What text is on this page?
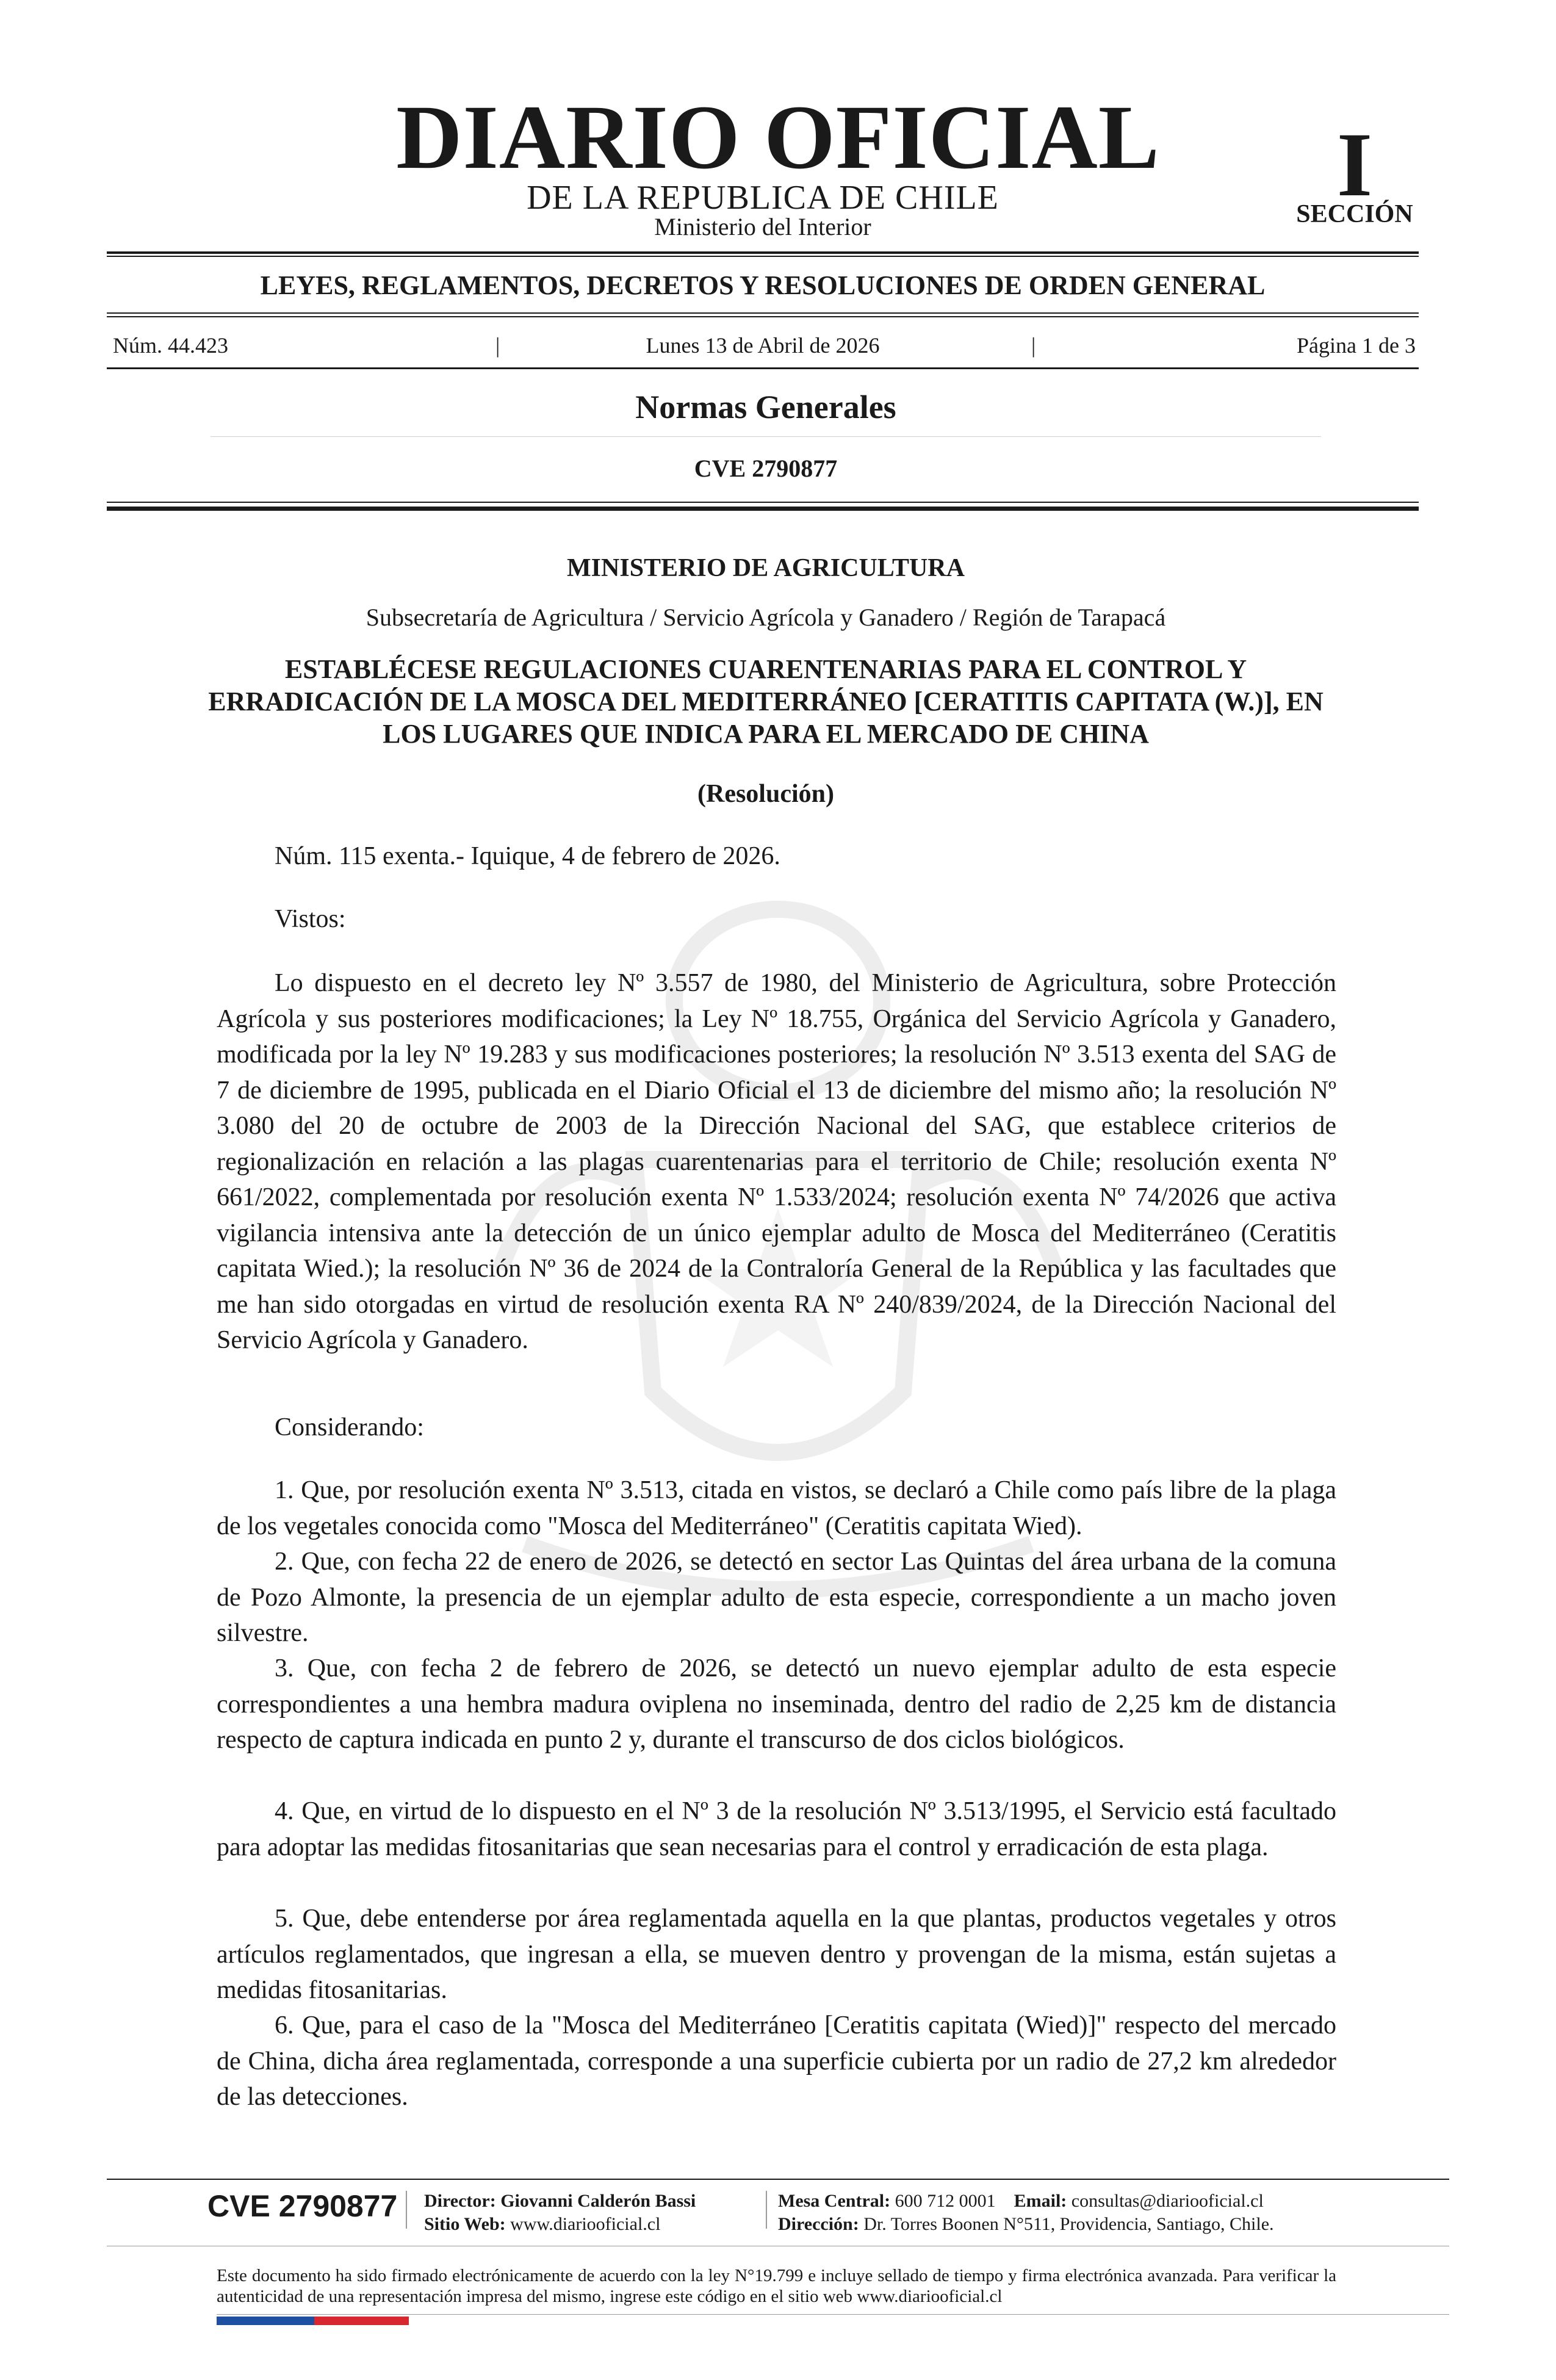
DIARIO OFICIAL
DE LA REPUBLICA DE CHILE
Ministerio del Interior
I
SECCIÓN
LEYES, REGLAMENTOS, DECRETOS Y RESOLUCIONES DE ORDEN GENERAL
Núm. 44.423	|	Lunes 13 de Abril de 2026	|	Página 1 de 3
Normas Generales
CVE 2790877
MINISTERIO DE AGRICULTURA
Subsecretaría de Agricultura / Servicio Agrícola y Ganadero / Región de Tarapacá
ESTABLÉCESE REGULACIONES CUARENTENARIAS PARA EL CONTROL Y ERRADICACIÓN DE LA MOSCA DEL MEDITERRÁNEO [CERATITIS CAPITATA (W.)], EN LOS LUGARES QUE INDICA PARA EL MERCADO DE CHINA
(Resolución)
Núm. 115 exenta.- Iquique, 4 de febrero de 2026.
Vistos:
Lo dispuesto en el decreto ley Nº 3.557 de 1980, del Ministerio de Agricultura, sobre Protección Agrícola y sus posteriores modificaciones; la Ley Nº 18.755, Orgánica del Servicio Agrícola y Ganadero, modificada por la ley Nº 19.283 y sus modificaciones posteriores; la resolución Nº 3.513 exenta del SAG de 7 de diciembre de 1995, publicada en el Diario Oficial el 13 de diciembre del mismo año; la resolución Nº 3.080 del 20 de octubre de 2003 de la Dirección Nacional del SAG, que establece criterios de regionalización en relación a las plagas cuarentenarias para el territorio de Chile; resolución exenta Nº 661/2022, complementada por resolución exenta Nº 1.533/2024; resolución exenta Nº 74/2026 que activa vigilancia intensiva ante la detección de un único ejemplar adulto de Mosca del Mediterráneo (Ceratitis capitata Wied.); la resolución Nº 36 de 2024 de la Contraloría General de la República y las facultades que me han sido otorgadas en virtud de resolución exenta RA Nº 240/839/2024, de la Dirección Nacional del Servicio Agrícola y Ganadero.
Considerando:
1. Que, por resolución exenta Nº 3.513, citada en vistos, se declaró a Chile como país libre de la plaga de los vegetales conocida como "Mosca del Mediterráneo" (Ceratitis capitata Wied).
2. Que, con fecha 22 de enero de 2026, se detectó en sector Las Quintas del área urbana de la comuna de Pozo Almonte, la presencia de un ejemplar adulto de esta especie, correspondiente a un macho joven silvestre.
3. Que, con fecha 2 de febrero de 2026, se detectó un nuevo ejemplar adulto de esta especie correspondientes a una hembra madura oviplena no inseminada, dentro del radio de 2,25 km de distancia respecto de captura indicada en punto 2 y, durante el transcurso de dos ciclos biológicos.
4. Que, en virtud de lo dispuesto en el Nº 3 de la resolución Nº 3.513/1995, el Servicio está facultado para adoptar las medidas fitosanitarias que sean necesarias para el control y erradicación de esta plaga.
5. Que, debe entenderse por área reglamentada aquella en la que plantas, productos vegetales y otros artículos reglamentados, que ingresan a ella, se mueven dentro y provengan de la misma, están sujetas a medidas fitosanitarias.
6. Que, para el caso de la "Mosca del Mediterráneo [Ceratitis capitata (Wied)]" respecto del mercado de China, dicha área reglamentada, corresponde a una superficie cubierta por un radio de 27,2 km alrededor de las detecciones.
CVE 2790877 Director: Giovanni Calderón Bassi
Sitio Web: www.diariooficial.cl
Mesa Central: 600 712 0001 Email: consultas@diariooficial.cl
Dirección: Dr. Torres Boonen N°511, Providencia, Santiago, Chile.
Este documento ha sido firmado electrónicamente de acuerdo con la ley N°19.799 e incluye sellado de tiempo y firma electrónica avanzada. Para verificar la autenticidad de una representación impresa del mismo, ingrese este código en el sitio web www.diariooficial.cl
